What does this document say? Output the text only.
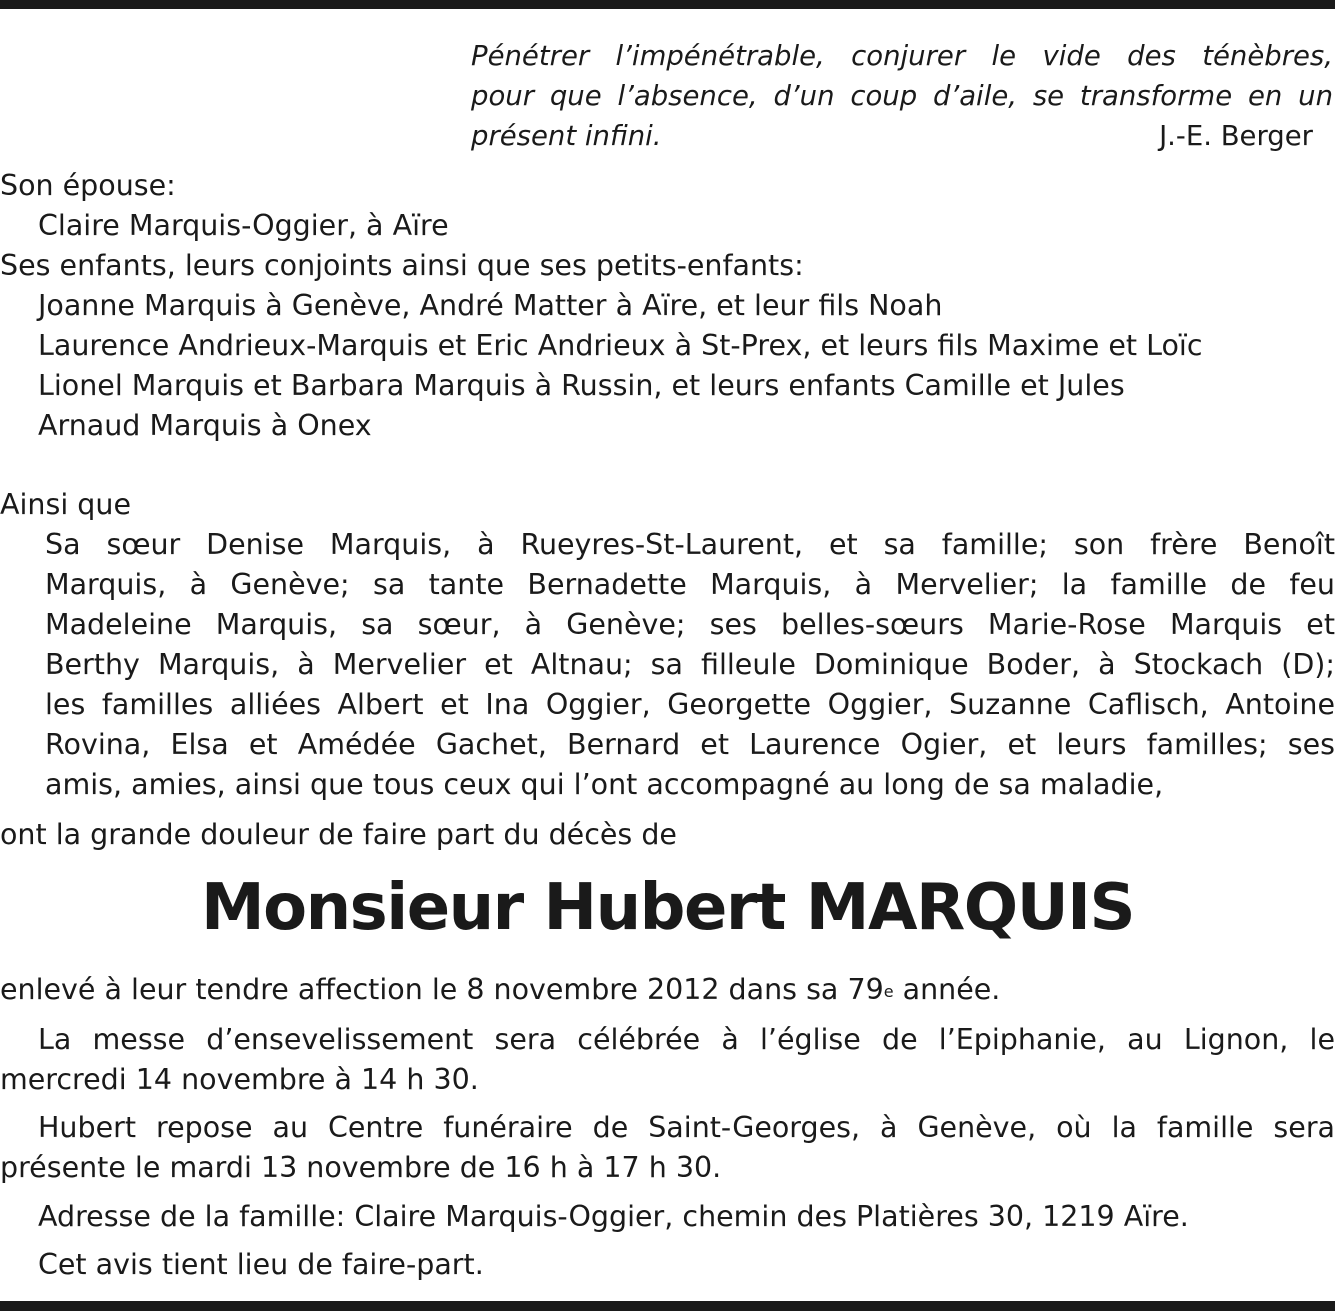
Pénétrer l’impénétrable, conjurer le vide des ténèbres,
pour que l’absence, d’un coup d’aile, se transforme en un
présent infini.	J.-E. Berger
Son épouse:
Claire Marquis-Oggier, à Aïre
Ses enfants, leurs conjoints ainsi que ses petits-enfants:
Joanne Marquis à Genève, André Matter à Aïre, et leur fils Noah
Laurence Andrieux-Marquis et Eric Andrieux à St-Prex, et leurs fils Maxime et Loïc
Lionel Marquis et Barbara Marquis à Russin, et leurs enfants Camille et Jules
Arnaud Marquis à Onex
Ainsi que
Sa sœur Denise Marquis, à Rueyres-St-Laurent, et sa famille; son frère Benoît
Marquis, à Genève; sa tante Bernadette Marquis, à Mervelier; la famille de feu
Madeleine Marquis, sa sœur, à Genève; ses belles-sœurs Marie-Rose Marquis et
Berthy Marquis, à Mervelier et Altnau; sa filleule Dominique Boder, à Stockach (D);
les familles alliées Albert et Ina Oggier, Georgette Oggier, Suzanne Caflisch, Antoine
Rovina, Elsa et Amédée Gachet, Bernard et Laurence Ogier, et leurs familles; ses
amis, amies, ainsi que tous ceux qui l’ont accompagné au long de sa maladie,
ont la grande douleur de faire part du décès de
Monsieur Hubert MARQUIS
enlevé à leur tendre affection le 8 novembre 2012 dans sa 79e année.
La messe d’ensevelissement sera célébrée à l’église de l’Epiphanie, au Lignon, le
mercredi 14 novembre à 14 h 30.
Hubert repose au Centre funéraire de Saint-Georges, à Genève, où la famille sera
présente le mardi 13 novembre de 16 h à 17 h 30.
Adresse de la famille: Claire Marquis-Oggier, chemin des Platières 30, 1219 Aïre.
Cet avis tient lieu de faire-part.
